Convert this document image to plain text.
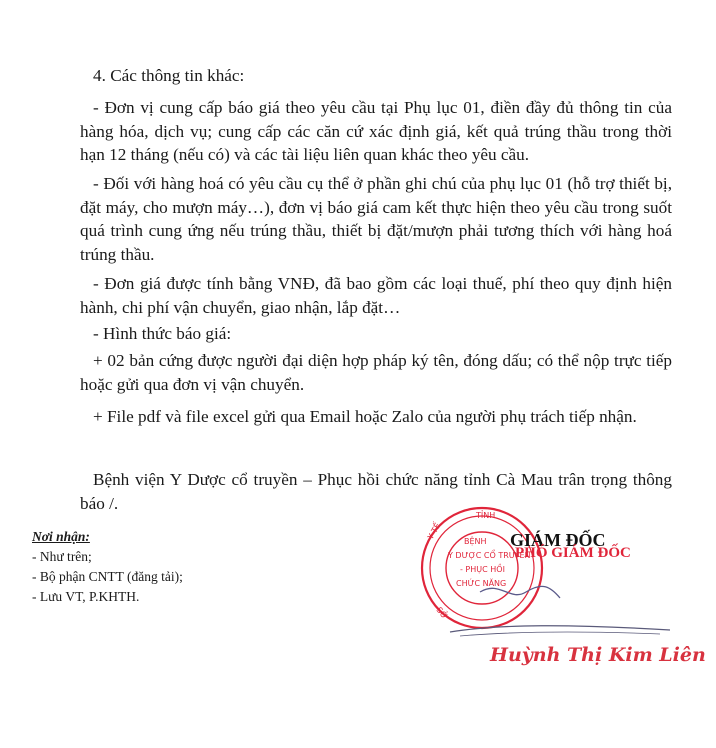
4. Các thông tin khác:

- Đơn vị cung cấp báo giá theo yêu cầu tại Phụ lục 01, điền đầy đủ thông tin của hàng hóa, dịch vụ; cung cấp các căn cứ xác định giá, kết quả trúng thầu trong thời hạn 12 tháng (nếu có) và các tài liệu liên quan khác theo yêu cầu.

- Đối với hàng hoá có yêu cầu cụ thể ở phần ghi chú của phụ lục 01 (hỗ trợ thiết bị, đặt máy, cho mượn máy…), đơn vị báo giá cam kết thực hiện theo yêu cầu trong suốt quá trình cung ứng nếu trúng thầu, thiết bị đặt/mượn phải tương thích với hàng hoá trúng thầu.

- Đơn giá được tính bằng VNĐ, đã bao gồm các loại thuế, phí theo quy định hiện hành, chi phí vận chuyển, giao nhận, lắp đặt…

- Hình thức báo giá:

+ 02 bản cứng được người đại diện hợp pháp ký tên, đóng dấu; có thể nộp trực tiếp hoặc gửi qua đơn vị vận chuyển.

+ File pdf và file excel gửi qua Email hoặc Zalo của người phụ trách tiếp nhận.

Bệnh viện Y Dược cổ truyền – Phục hồi chức năng tỉnh Cà Mau trân trọng thông báo /.

Nơi nhận:
- Như trên;
- Bộ phận CNTT (đăng tải);
- Lưu VT, P.KHTH.
TỈNH
BỆNH
Y DƯỢC CỔ TRUYỀN
- PHỤC HỒI
CHỨC NĂNG
Y TẾ
SỞ
GIÁM ĐỐC
PHÓ GIÁM ĐỐC
Huỳnh Thị Kim Liên
